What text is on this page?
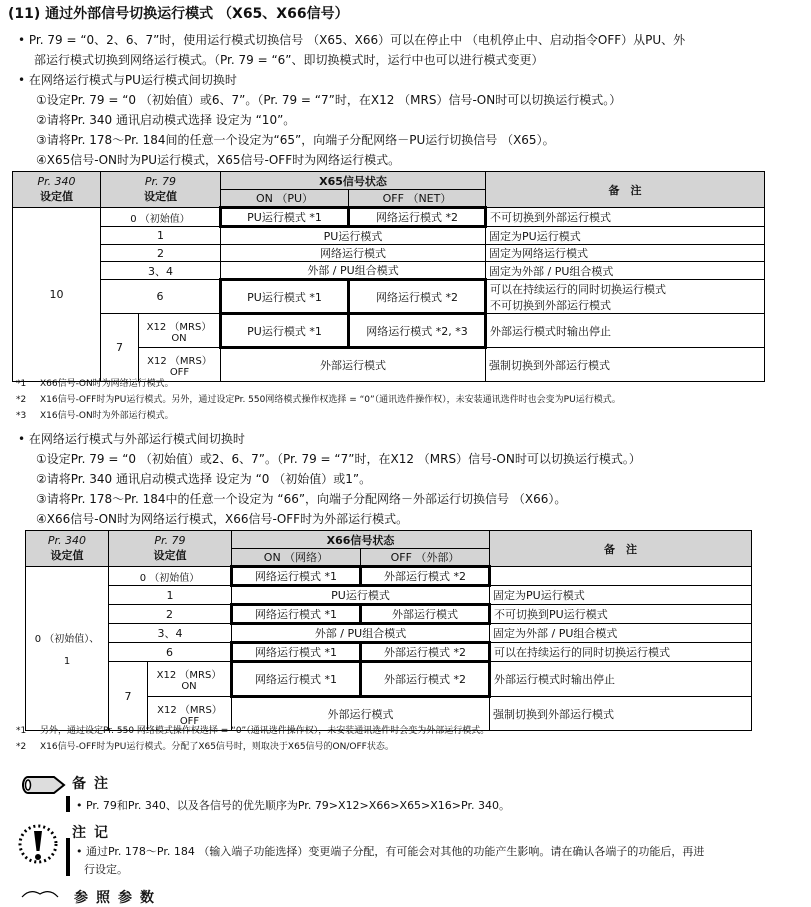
(11) 通过外部信号切换运行模式 （X65、X66信号）
• Pr. 79 = “0、2、6、7”时，使用运行模式切换信号 （X65、X66）可以在停止中 （电机停止中、启动指令OFF）从PU、外
部运行模式切换到网络运行模式。（Pr. 79 = “6”、即切换模式时，运行中也可以进行模式变更）
• 在网络运行模式与PU运行模式间切换时
①设定Pr. 79 = “0 （初始值）或6、7”。（Pr. 79 = “7”时，在X12 （MRS）信号-ON时可以切换运行模式。）
②请将Pr. 340 通讯启动模式选择 设定为 “10”。
③请将Pr. 178～Pr. 184间的任意一个设定为“65”，向端子分配网络－PU运行切换信号 （X65）。
④X65信号-ON时为PU运行模式，X65信号-OFF时为网络运行模式。
Pr. 340
设定值	Pr. 79
设定值		X65信号状态		备　注
			ON （PU）	OFF （NET）	
10	0 （初始值）		PU运行模式 *1	网络运行模式 *2	不可切换到外部运行模式
	1		PU运行模式		固定为PU运行模式
	2		网络运行模式		固定为网络运行模式
	3、4		外部 / PU组合模式		固定为外部 / PU组合模式
	6		PU运行模式 *1	网络运行模式 *2	可以在持续运行的同时切换运行模式
不可切换到外部运行模式
	7	X12 （MRS）
ON	PU运行模式 *1	网络运行模式 *2, *3	外部运行模式时输出停止
		X12 （MRS）
OFF	外部运行模式		强制切换到外部运行模式
*1 X66信号-ON时为网络运行模式。
*2 X16信号-OFF时为PU运行模式。另外，通过设定Pr. 550网络模式操作权选择 = “0”（通讯选件操作权），未安装通讯选件时也会变为PU运行模式。
*3 X16信号-ON时为外部运行模式。
• 在网络运行模式与外部运行模式间切换时
①设定Pr. 79 = “0 （初始值）或2、6、7”。（Pr. 79 = “7”时，在X12 （MRS）信号-ON时可以切换运行模式。）
②请将Pr. 340 通讯启动模式选择 设定为 “0 （初始值）或1”。
③请将Pr. 178～Pr. 184中的任意一个设定为 “66”，向端子分配网络－外部运行切换信号 （X66）。
④X66信号-ON时为网络运行模式，X66信号-OFF时为外部运行模式。
Pr. 340
设定值	Pr. 79
设定值		X66信号状态		备　注
			ON （网络）	OFF （外部）	
0 （初始值）、

1	0 （初始值）		网络运行模式 *1	外部运行模式 *2	
	1		PU运行模式		固定为PU运行模式
	2		网络运行模式 *1	外部运行模式	不可切换到PU运行模式
	3、4		外部 / PU组合模式		固定为外部 / PU组合模式
	6		网络运行模式 *1	外部运行模式 *2	可以在持续运行的同时切换运行模式
	7	X12 （MRS）
ON	网络运行模式 *1	外部运行模式 *2	外部运行模式时输出停止
		X12 （MRS）
OFF	外部运行模式		强制切换到外部运行模式
*1 另外，通过设定Pr. 550 网络模式操作权选择 = “0”（通讯选件操作权），未安装通讯选件时会变为外部运行模式。
*2 X16信号-OFF时为PU运行模式。分配了X65信号时，则取决于X65信号的ON/OFF状态。
备注
• Pr. 79和Pr. 340、以及各信号的优先顺序为Pr. 79>X12>X66>X65>X16>Pr. 340。
注记
• 通过Pr. 178～Pr. 184 （输入端子功能选择）变更端子分配，有可能会对其他的功能产生影响。请在确认各端子的功能后，再进
行设定。
参照参数
